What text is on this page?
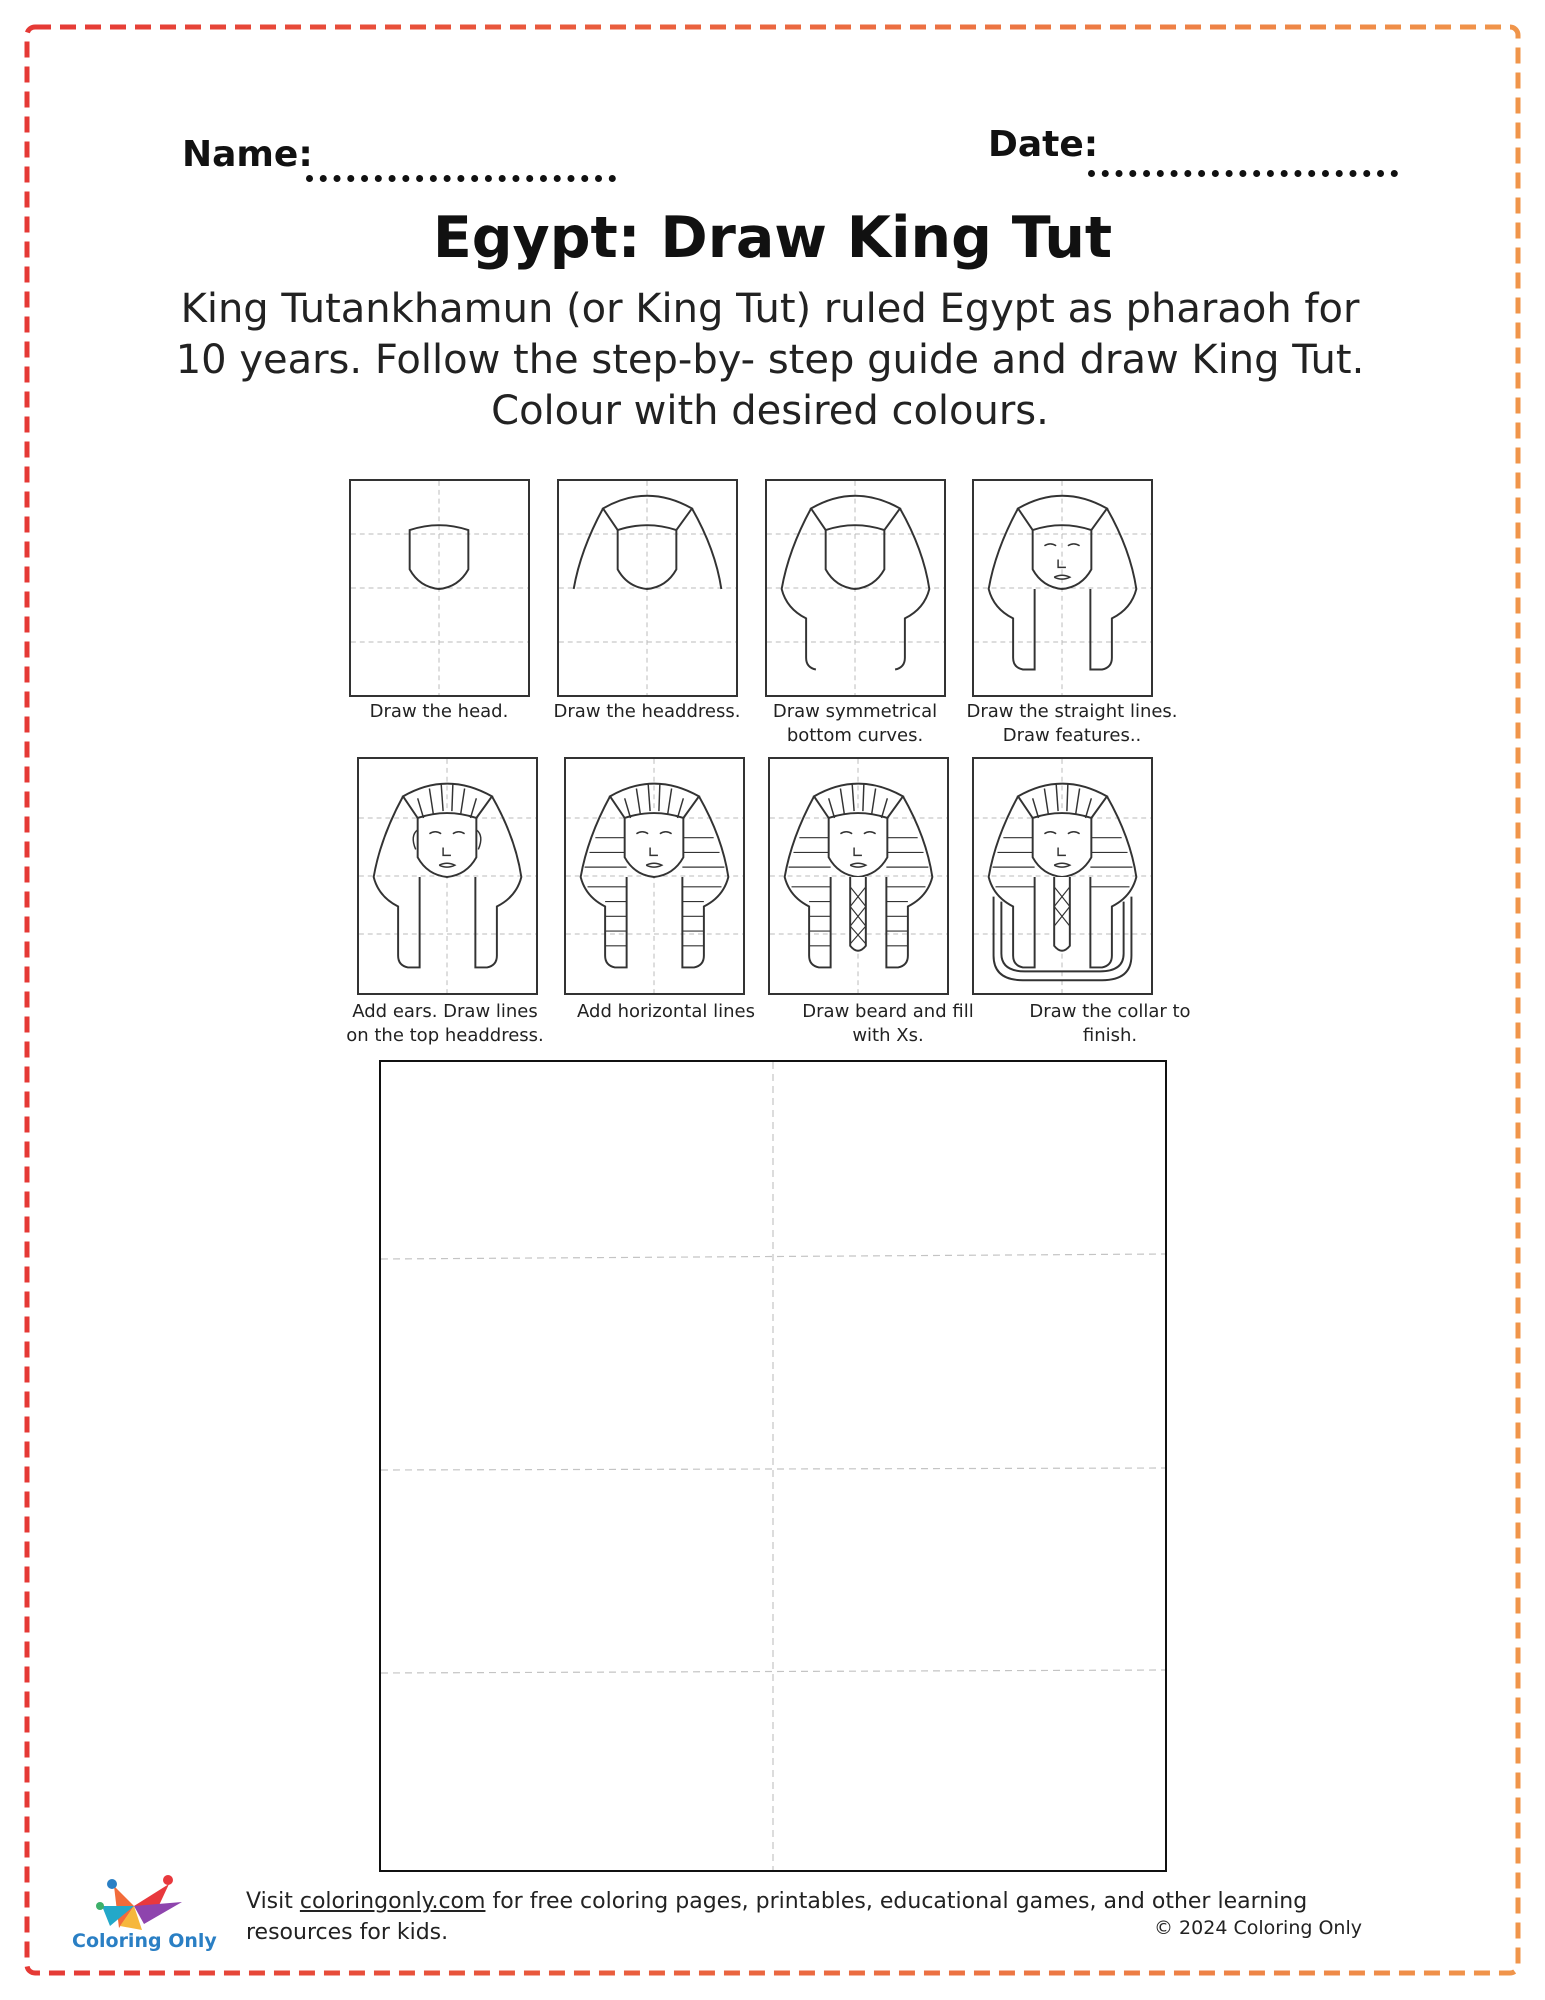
Name:	Date:
Egypt: Draw King Tut
King Tutankhamun (or King Tut) ruled Egypt as pharaoh for 10 years. Follow the step-by- step guide and draw King Tut. Colour with desired colours.
Draw the head.	Draw the headdress.	Draw symmetrical
bottom curves.
Draw the straight lines.
Draw features..
Add ears. Draw lines
on the top headdress.
Add horizontal lines	Draw beard and fill
with Xs.
Draw the collar to
finish.
Coloring Only
Visit coloringonly.com for free coloring pages, printables, educational games, and other learning resources for kids.	© 2024 Coloring Only
